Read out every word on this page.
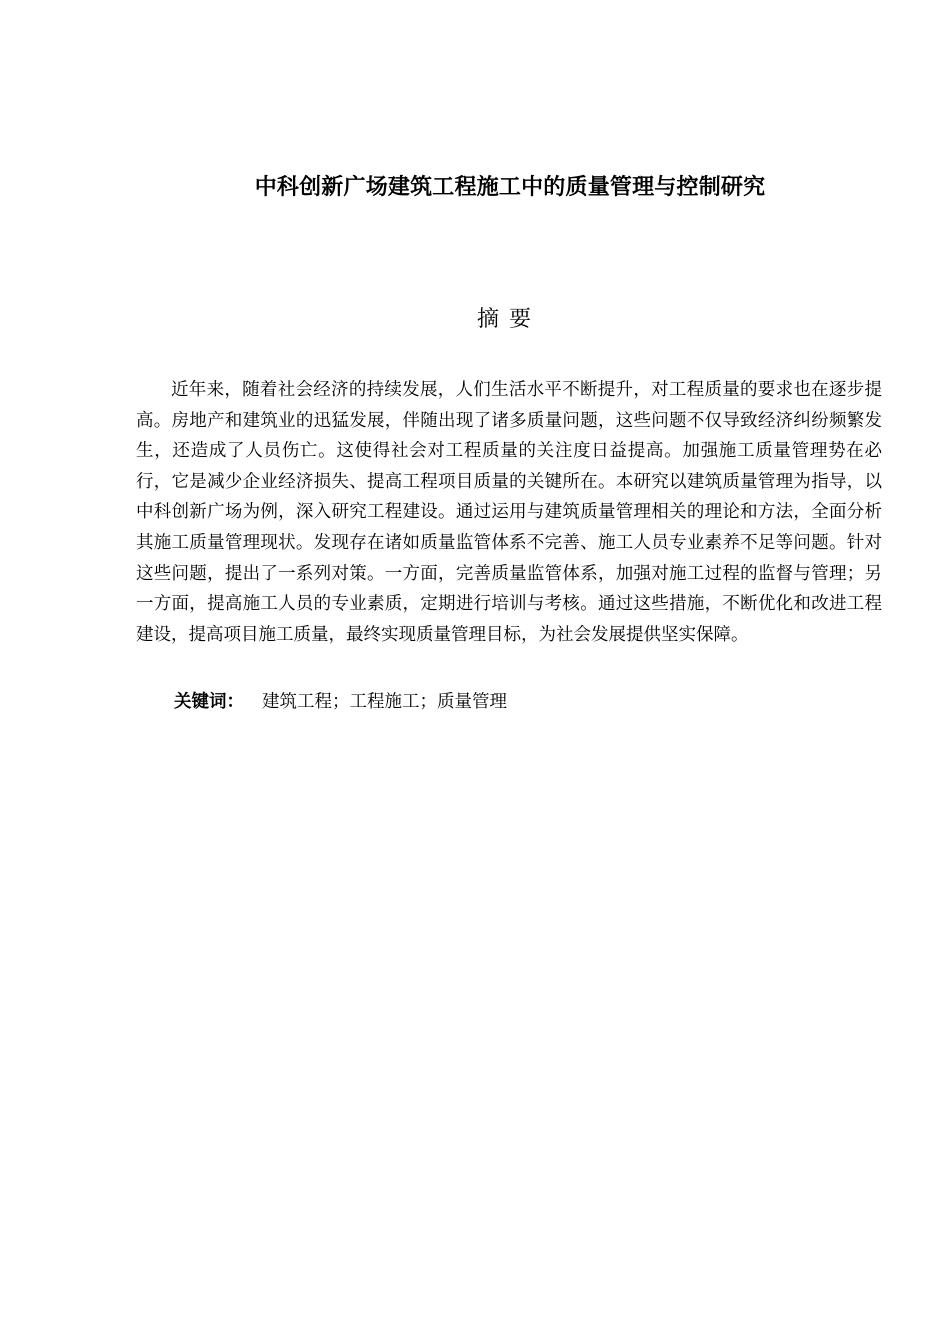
中科创新广场建筑工程施工中的质量管理与控制研究
摘要

近年来，随着社会经济的持续发展，人们生活水平不断提升，对工程质量的要求也在逐步提高。房地产和建筑业的迅猛发展，伴随出现了诸多质量问题，这些问题不仅导致经济纠纷频繁发生，还造成了人员伤亡。这使得社会对工程质量的关注度日益提高。加强施工质量管理势在必行，它是减少企业经济损失、提高工程项目质量的关键所在。本研究以建筑质量管理为指导，以中科创新广场为例，深入研究工程建设。通过运用与建筑质量管理相关的理论和方法，全面分析其施工质量管理现状。发现存在诸如质量监管体系不完善、施工人员专业素养不足等问题。针对这些问题，提出了一系列对策。一方面，完善质量监管体系，加强对施工过程的监督与管理；另一方面，提高施工人员的专业素质，定期进行培训与考核。通过这些措施，不断优化和改进工程建设，提高项目施工质量，最终实现质量管理目标，为社会发展提供坚实保障。

关键词： 建筑工程；工程施工；质量管理
